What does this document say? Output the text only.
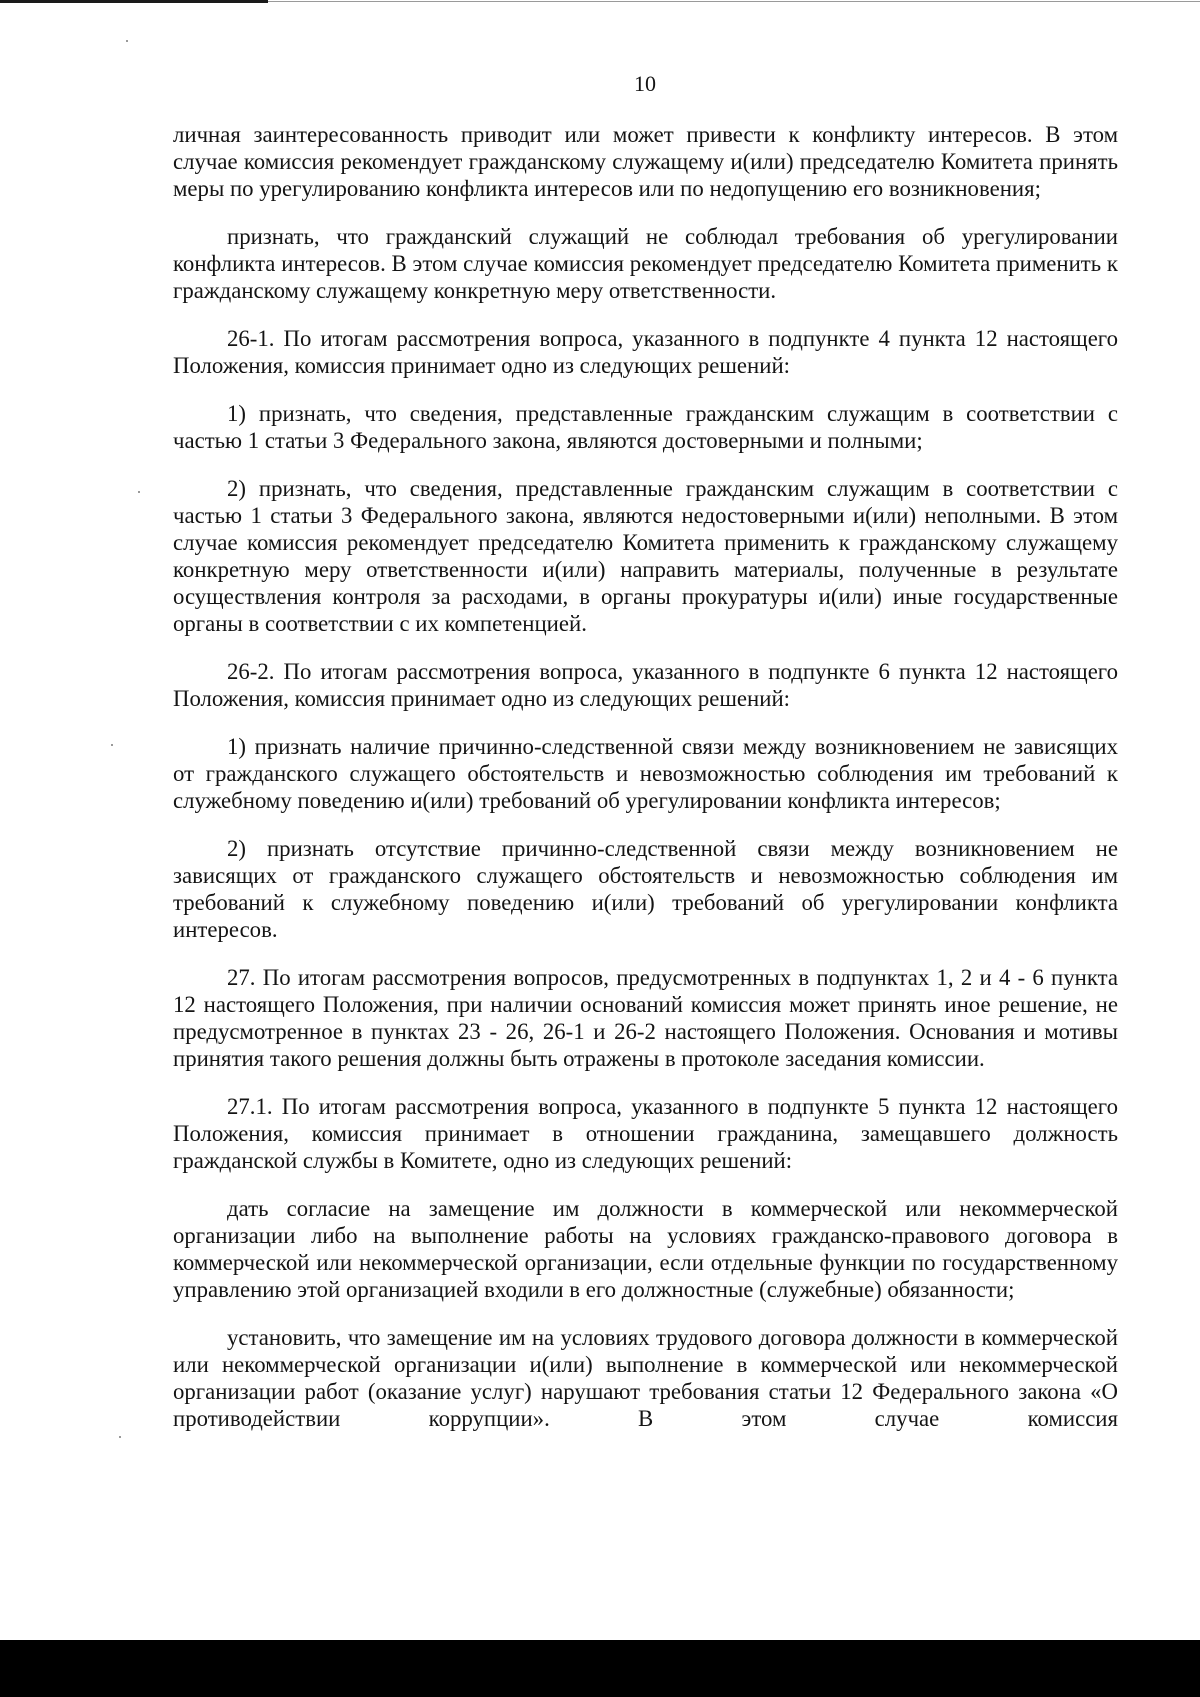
10

личная заинтересованность приводит или может привести к конфликту интересов. В этом случае комиссия рекомендует гражданскому служащему и(или) председателю Комитета принять меры по урегулированию конфликта интересов или по недопущению его возникновения;

признать, что гражданский служащий не соблюдал требования об урегулировании конфликта интересов. В этом случае комиссия рекомендует председателю Комитета применить к гражданскому служащему конкретную меру ответственности.

26-1. По итогам рассмотрения вопроса, указанного в подпункте 4 пункта 12 настоящего Положения, комиссия принимает одно из следующих решений:

1) признать, что сведения, представленные гражданским служащим в соответствии с частью 1 статьи 3 Федерального закона, являются достоверными и полными;

2) признать, что сведения, представленные гражданским служащим в соответствии с частью 1 статьи 3 Федерального закона, являются недостоверными и(или) неполными. В этом случае комиссия рекомендует председателю Комитета применить к гражданскому служащему конкретную меру ответственности и(или) направить материалы, полученные в результате осуществления контроля за расходами, в органы прокуратуры и(или) иные государственные органы в соответствии с их компетенцией.

26-2. По итогам рассмотрения вопроса, указанного в подпункте 6 пункта 12 настоящего Положения, комиссия принимает одно из следующих решений:

1) признать наличие причинно-следственной связи между возникновением не зависящих от гражданского служащего обстоятельств и невозможностью соблюдения им требований к служебному поведению и(или) требований об урегулировании конфликта интересов;

2) признать отсутствие причинно-следственной связи между возникновением не зависящих от гражданского служащего обстоятельств и невозможностью соблюдения им требований к служебному поведению и(или) требований об урегулировании конфликта интересов.

27. По итогам рассмотрения вопросов, предусмотренных в подпунктах 1, 2 и 4 - 6 пункта 12 настоящего Положения, при наличии оснований комиссия может принять иное решение, не предусмотренное в пунктах 23 - 26, 26-1 и 26-2 настоящего Положения. Основания и мотивы принятия такого решения должны быть отражены в протоколе заседания комиссии.

27.1. По итогам рассмотрения вопроса, указанного в подпункте 5 пункта 12 настоящего Положения, комиссия принимает в отношении гражданина, замещавшего должность гражданской службы в Комитете, одно из следующих решений:

дать согласие на замещение им должности в коммерческой или некоммерческой организации либо на выполнение работы на условиях гражданско-правового договора в коммерческой или некоммерческой организации, если отдельные функции по государственному управлению этой организацией входили в его должностные (служебные) обязанности;

установить, что замещение им на условиях трудового договора должности в коммерческой или некоммерческой организации и(или) выполнение в коммерческой или некоммерческой организации работ (оказание услуг) нарушают требования статьи 12 Федерального закона «О противодействии коррупции». В этом случае комиссия
